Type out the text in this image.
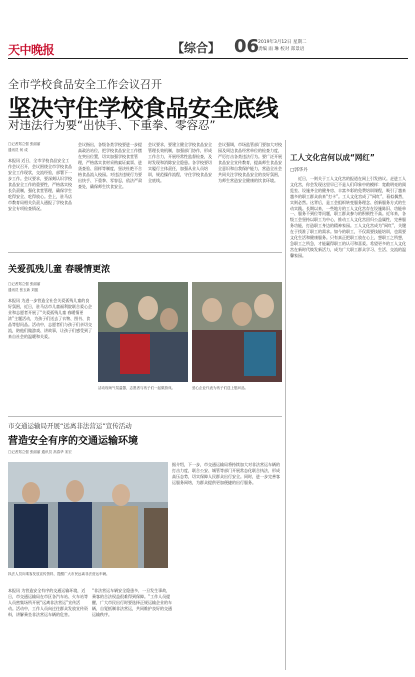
天中晚报	【综合】 06
2019年3月12日 星期二
责编 雨 琳 校对 郑景语
全市学校食品安全工作会议召开
坚决守住学校食品安全底线
对违法行为要“出快手、下重拳、零容忍”
□记者郑立强 张丽丽
通讯员 何 成
本报讯 近日，全市学校食品安全工作会议召开，会议围绕全市学校食品安全工作现状，交流经验，部署下一步工作。会议要求，要深刻认识学校食品安全工作的重要性，严格落实校长负责制，强化食堂管理，确保学生吃得安全、吃得放心。会上，驻马店市教育局相关负责人通报了学校食品安全专项检查情况。
会议指出，各级各类学校要进一步提高政治站位，把学校食品安全工作摆在突出位置，切实加强学校食堂管理，严格落实食材采购索证索票、进货查验、留样等制度，坚决杜绝不合格食品流入校园。对违法违规行为要出快手、下重拳、零容忍，依法严肃查处，确保师生饮食安全。
会议要求，要建立健全学校食品安全管理长效机制，加强部门协作，形成工作合力，开展经常性监督检查，及时发现和消除安全隐患。各学校要切实履行主体责任，加强从业人员培训，规范操作流程，守住学校食品安全底线。
会议强调，市场监管部门要加大对校园及周边食品经营单位的检查力度，严厉打击各类违法行为。要广泛开展食品安全宣传教育，提高师生食品安全意识和自我保护能力，营造全社会共同关注学校食品安全的良好氛围，为师生营造安全健康的饮食环境。
工人文化宫何以成“网红”
□郭华丹
近日，一则关于工人文化宫的报道在网上引发热议。走进工人文化宫，你会发现这里早已不是人们印象中的模样：宽敞明亮的阅览室、设施齐全的健身房、丰富多彩的免费培训课程，吸引了越来越多的职工群众前来“打卡”。工人文化宫成了“网红”，看似偶然，实则必然。这背后，是工会组织转变服务理念、创新服务方式的生动实践。长期以来，一些地方的工人文化宫存在设施陈旧、功能单一、服务不到位等问题，职工群众参与的积极性不高。近年来，各级工会坚持以职工为中心，推动工人文化宫回归公益属性，完善服务功能，打造职工身边的精神家园。工人文化宫成为“网红”，关键在于找准了职工的需求。如今的职工，不仅需要技能培训，也需要文化生活和健康服务。只有真正把职工放在心上，想职工之所想，急职工之所急，才能赢得职工的认可和喜爱。希望更多的工人文化宫在新时代焕发新活力，成为广大职工群众学习、生活、交流的温馨家园。
关爱孤残儿童 春暖情更浓
□记者郑立强 张丽丽
通讯员 张玉新 刘振
本报讯 为进一步营造全社会关爱孤残儿童的良好氛围，近日，驻马店市儿童福利院联合爱心企业和志愿者开展了“关爱孤残儿童 春暖情更浓”主题活动，为孩子们送去了衣物、图书、食品等慰问品。活动中，志愿者们与孩子们亲切交流，陪他们做游戏、讲故事，让孩子们感受到了来自社会的温暖和关爱。
活动现场气氛温馨，志愿者与孩子们一起做游戏。	爱心企业代表为孩子们送上慰问品。
市交通运输局开展“远离非法营运”宣传活动
营造安全有序的交通运输环境
□记者郑立强 张丽丽 通讯员 高春华 宋宏
执法人员向乘客发放宣传资料，提醒广大市民远离非法营运车辆。
据介绍，下一步，市交通运输局将持续加大对非法营运车辆的打击力度，联合公安、城管等部门开展常态化联合执法，形成高压态势，切实保障人民群众出行安全。同时，进一步完善客运服务网络，为群众提供更加便捷的出行服务。
本报讯 为营造安全有序的交通运输环境，近日，市交通运输局在市区各汽车站、火车站等人员密集场所开展“远离非法营运”宣传活动。活动中，工作人员向过往群众发放宣传资料，讲解乘坐非法营运车辆的危害。
“非法营运车辆安全隐患多，一旦发生事故，乘客的合法权益很难得到保障。”工作人员提醒，广大市民出行时要选择正规运输企业的车辆，自觉抵制非法营运，共同维护良好的交通运输秩序。
